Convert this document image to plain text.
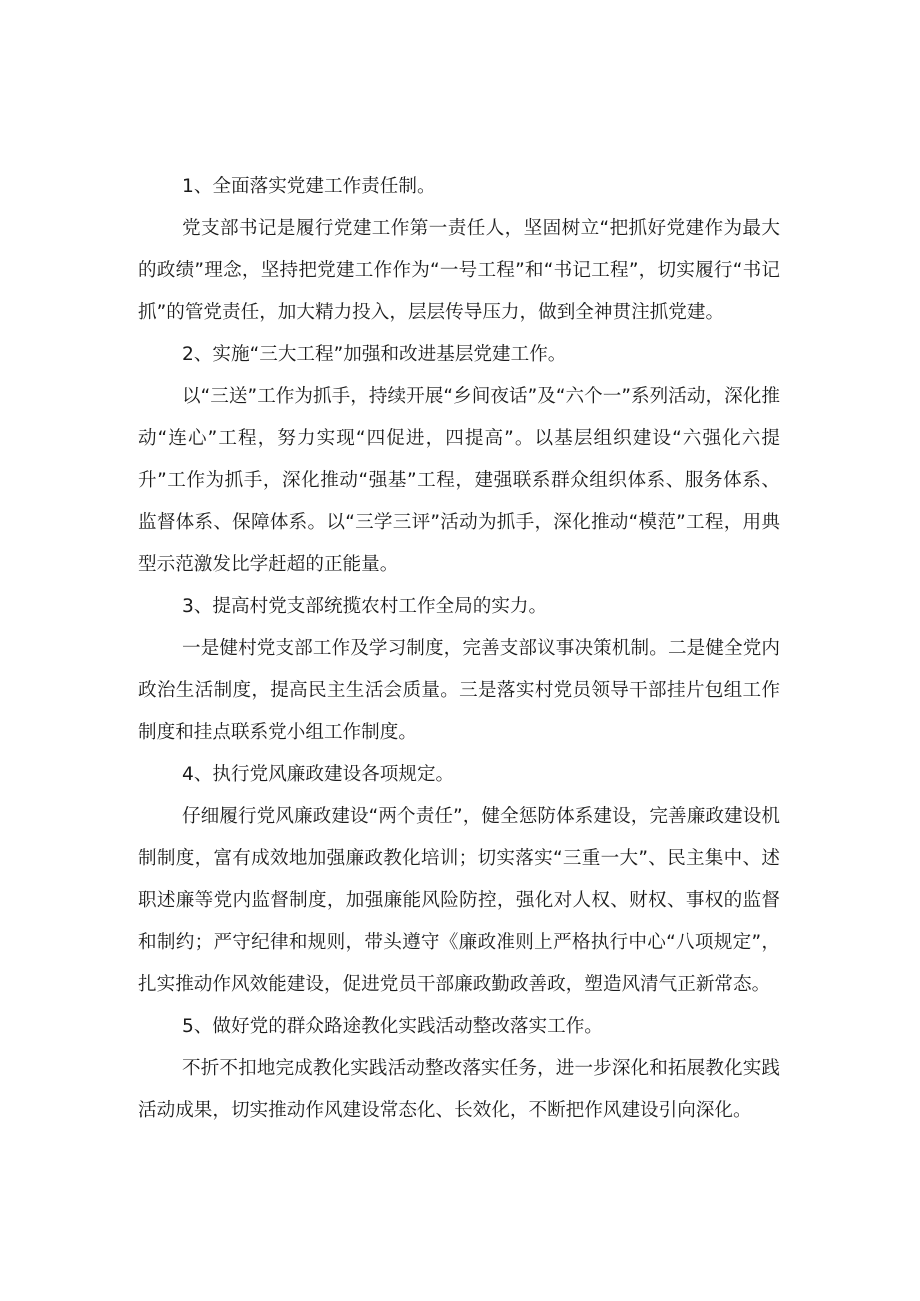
1、全面落实党建工作责任制。

党支部书记是履行党建工作第一责任人，坚固树立“把抓好党建作为最大的政绩”理念，坚持把党建工作作为“一号工程”和“书记工程”，切实履行“书记抓”的管党责任，加大精力投入，层层传导压力，做到全神贯注抓党建。

2、实施“三大工程”加强和改进基层党建工作。

以“三送”工作为抓手，持续开展“乡间夜话”及“六个一”系列活动，深化推动“连心”工程，努力实现“四促进，四提高”。以基层组织建设“六强化六提升”工作为抓手，深化推动“强基”工程，建强联系群众组织体系、服务体系、监督体系、保障体系。以“三学三评”活动为抓手，深化推动“模范”工程，用典型示范激发比学赶超的正能量。

3、提高村党支部统揽农村工作全局的实力。

一是健村党支部工作及学习制度，完善支部议事决策机制。二是健全党内政治生活制度，提高民主生活会质量。三是落实村党员领导干部挂片包组工作制度和挂点联系党小组工作制度。

4、执行党风廉政建设各项规定。

仔细履行党风廉政建设“两个责任”，健全惩防体系建设，完善廉政建设机制制度，富有成效地加强廉政教化培训；切实落实“三重一大”、民主集中、述职述廉等党内监督制度，加强廉能风险防控，强化对人权、财权、事权的监督和制约；严守纪律和规则，带头遵守《廉政准则上严格执行中心“八项规定”，扎实推动作风效能建设，促进党员干部廉政勤政善政，塑造风清气正新常态。

5、做好党的群众路途教化实践活动整改落实工作。

不折不扣地完成教化实践活动整改落实任务，进一步深化和拓展教化实践活动成果，切实推动作风建设常态化、长效化，不断把作风建设引向深化。
